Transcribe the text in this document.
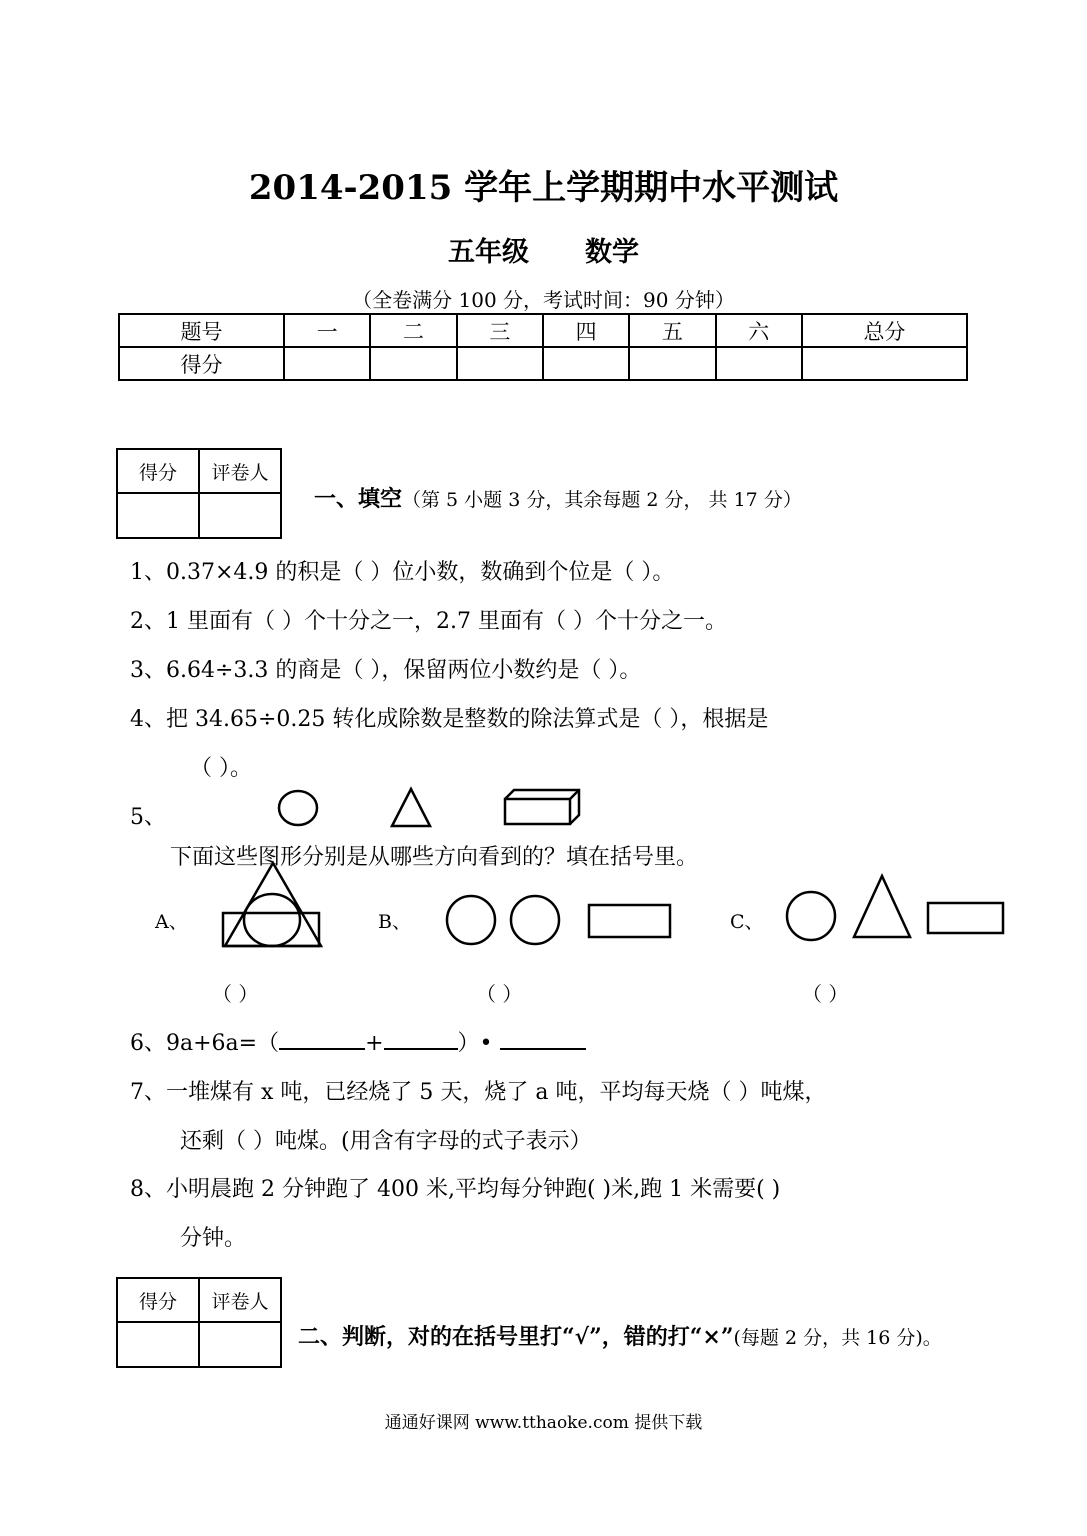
2014-2015 学年上学期期中水平测试
五年级 数学
（全卷满分 100 分，考试时间：90 分钟）
题号	一	二	三	四	五	六	总分
得分							
得分	评卷人

一、填空（第 5 小题 3 分，其余每题 2 分， 共 17 分）
1、0.37×4.9 的积是（ ）位小数，数确到个位是（ ）。
2、1 里面有（ ）个十分之一，2.7 里面有（ ）个十分之一。
3、6.64÷3.3 的商是（ ），保留两位小数约是（ ）。
4、把 34.65÷0.25 转化成除数是整数的除法算式是（ ），根据是
（ ）。
5、
下面这些图形分别是从哪些方向看到的？填在括号里。
A、	B、	C、
（ ）	（ ）	（ ）
6、9a+6a=（	+	）•
7、一堆煤有 x 吨，已经烧了 5 天，烧了 a 吨，平均每天烧（ ）吨煤，
还剩（ ）吨煤。(用含有字母的式子表示）
8、小明晨跑 2 分钟跑了 400 米,平均每分钟跑( )米,跑 1 米需要( )
分钟。
得分	评卷人

二、判断，对的在括号里打“√”，错的打“×”(每题 2 分，共 16 分)。
通通好课网 www.tthaoke.com 提供下载
